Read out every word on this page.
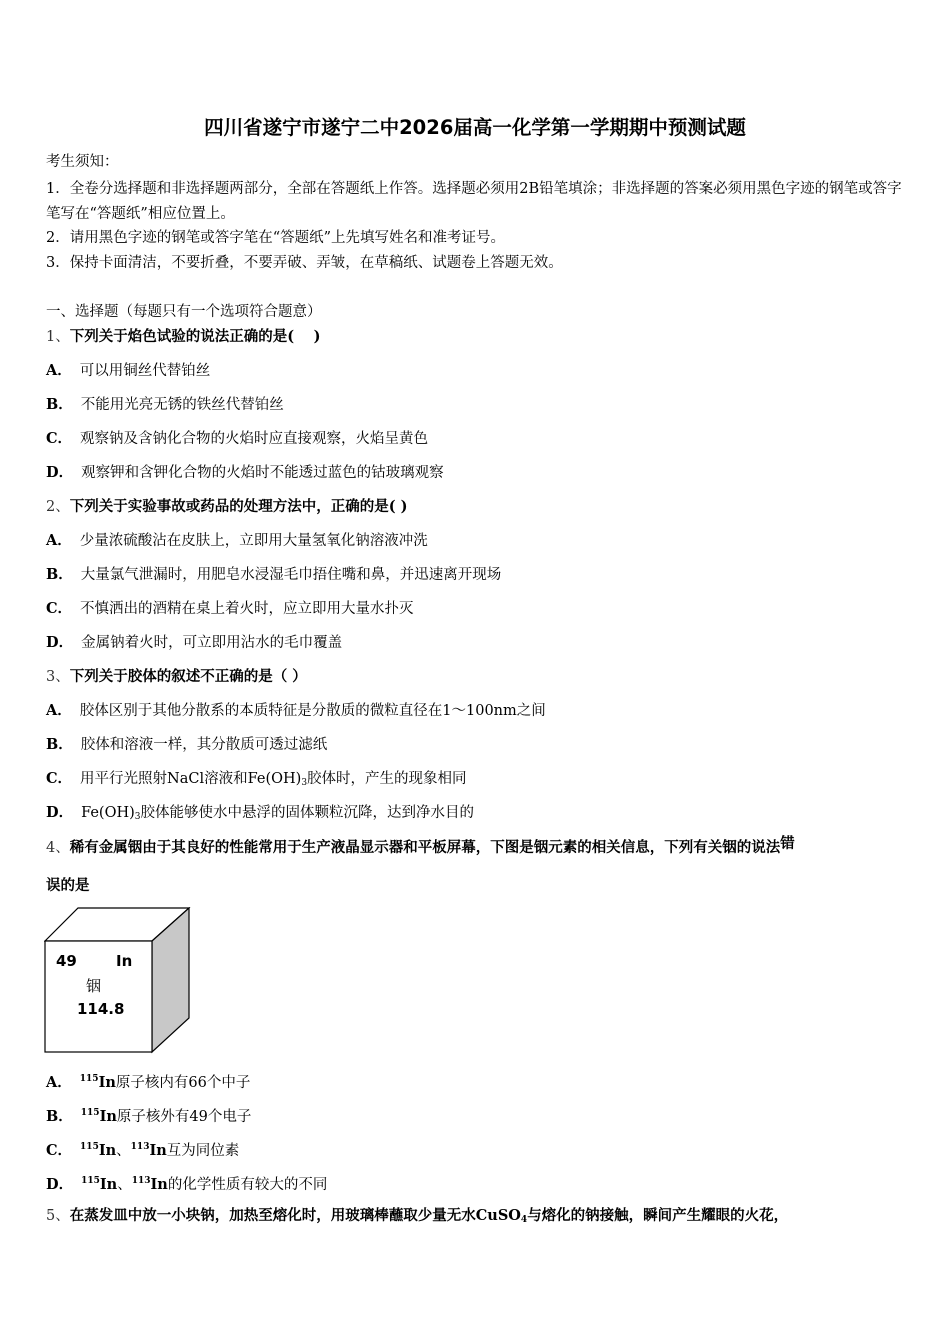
四川省遂宁市遂宁二中2026届高一化学第一学期期中预测试题
考生须知：
1．全卷分选择题和非选择题两部分，全部在答题纸上作答。选择题必须用2B铅笔填涂；非选择题的答案必须用黑色字迹的钢笔或答字笔写在“答题纸”相应位置上。
2．请用黑色字迹的钢笔或答字笔在“答题纸”上先填写姓名和准考证号。
3．保持卡面清洁，不要折叠，不要弄破、弄皱，在草稿纸、试题卷上答题无效。
一、选择题（每题只有一个选项符合题意）
1、下列关于焰色试验的说法正确的是(　 )
A． 可以用铜丝代替铂丝
B． 不能用光亮无锈的铁丝代替铂丝
C． 观察钠及含钠化合物的火焰时应直接观察，火焰呈黄色
D． 观察钾和含钾化合物的火焰时不能透过蓝色的钴玻璃观察
2、下列关于实验事故或药品的处理方法中，正确的是( )
A． 少量浓硫酸沾在皮肤上，立即用大量氢氧化钠溶液冲洗
B． 大量氯气泄漏时，用肥皂水浸湿毛巾捂住嘴和鼻，并迅速离开现场
C． 不慎洒出的酒精在桌上着火时，应立即用大量水扑灭
D． 金属钠着火时，可立即用沾水的毛巾覆盖
3、下列关于胶体的叙述不正确的是（ ）
A． 胶体区别于其他分散系的本质特征是分散质的微粒直径在1～100nm之间
B． 胶体和溶液一样，其分散质可透过滤纸
C． 用平行光照射NaCl溶液和$Fe(OH)_3$胶体时，产生的现象相同
D． $Fe(OH)_3$胶体能够使水中悬浮的固体颗粒沉降，达到净水目的
4、稀有金属铟由于其良好的性能常用于生产液晶显示器和平板屏幕，下图是铟元素的相关信息，下列有关铟的说法错
误的是
49	In
铟
114.8
A． $^{115}$In原子核内有66个中子
B． $^{115}$In原子核外有49个电子
C． $^{115}$In、$^{113}$In互为同位素
D． $^{115}$In、$^{113}$In的化学性质有较大的不同
5、在蒸发皿中放一小块钠，加热至熔化时，用玻璃棒蘸取少量无水CuSO$_4$与熔化的钠接触，瞬间产生耀眼的火花，
